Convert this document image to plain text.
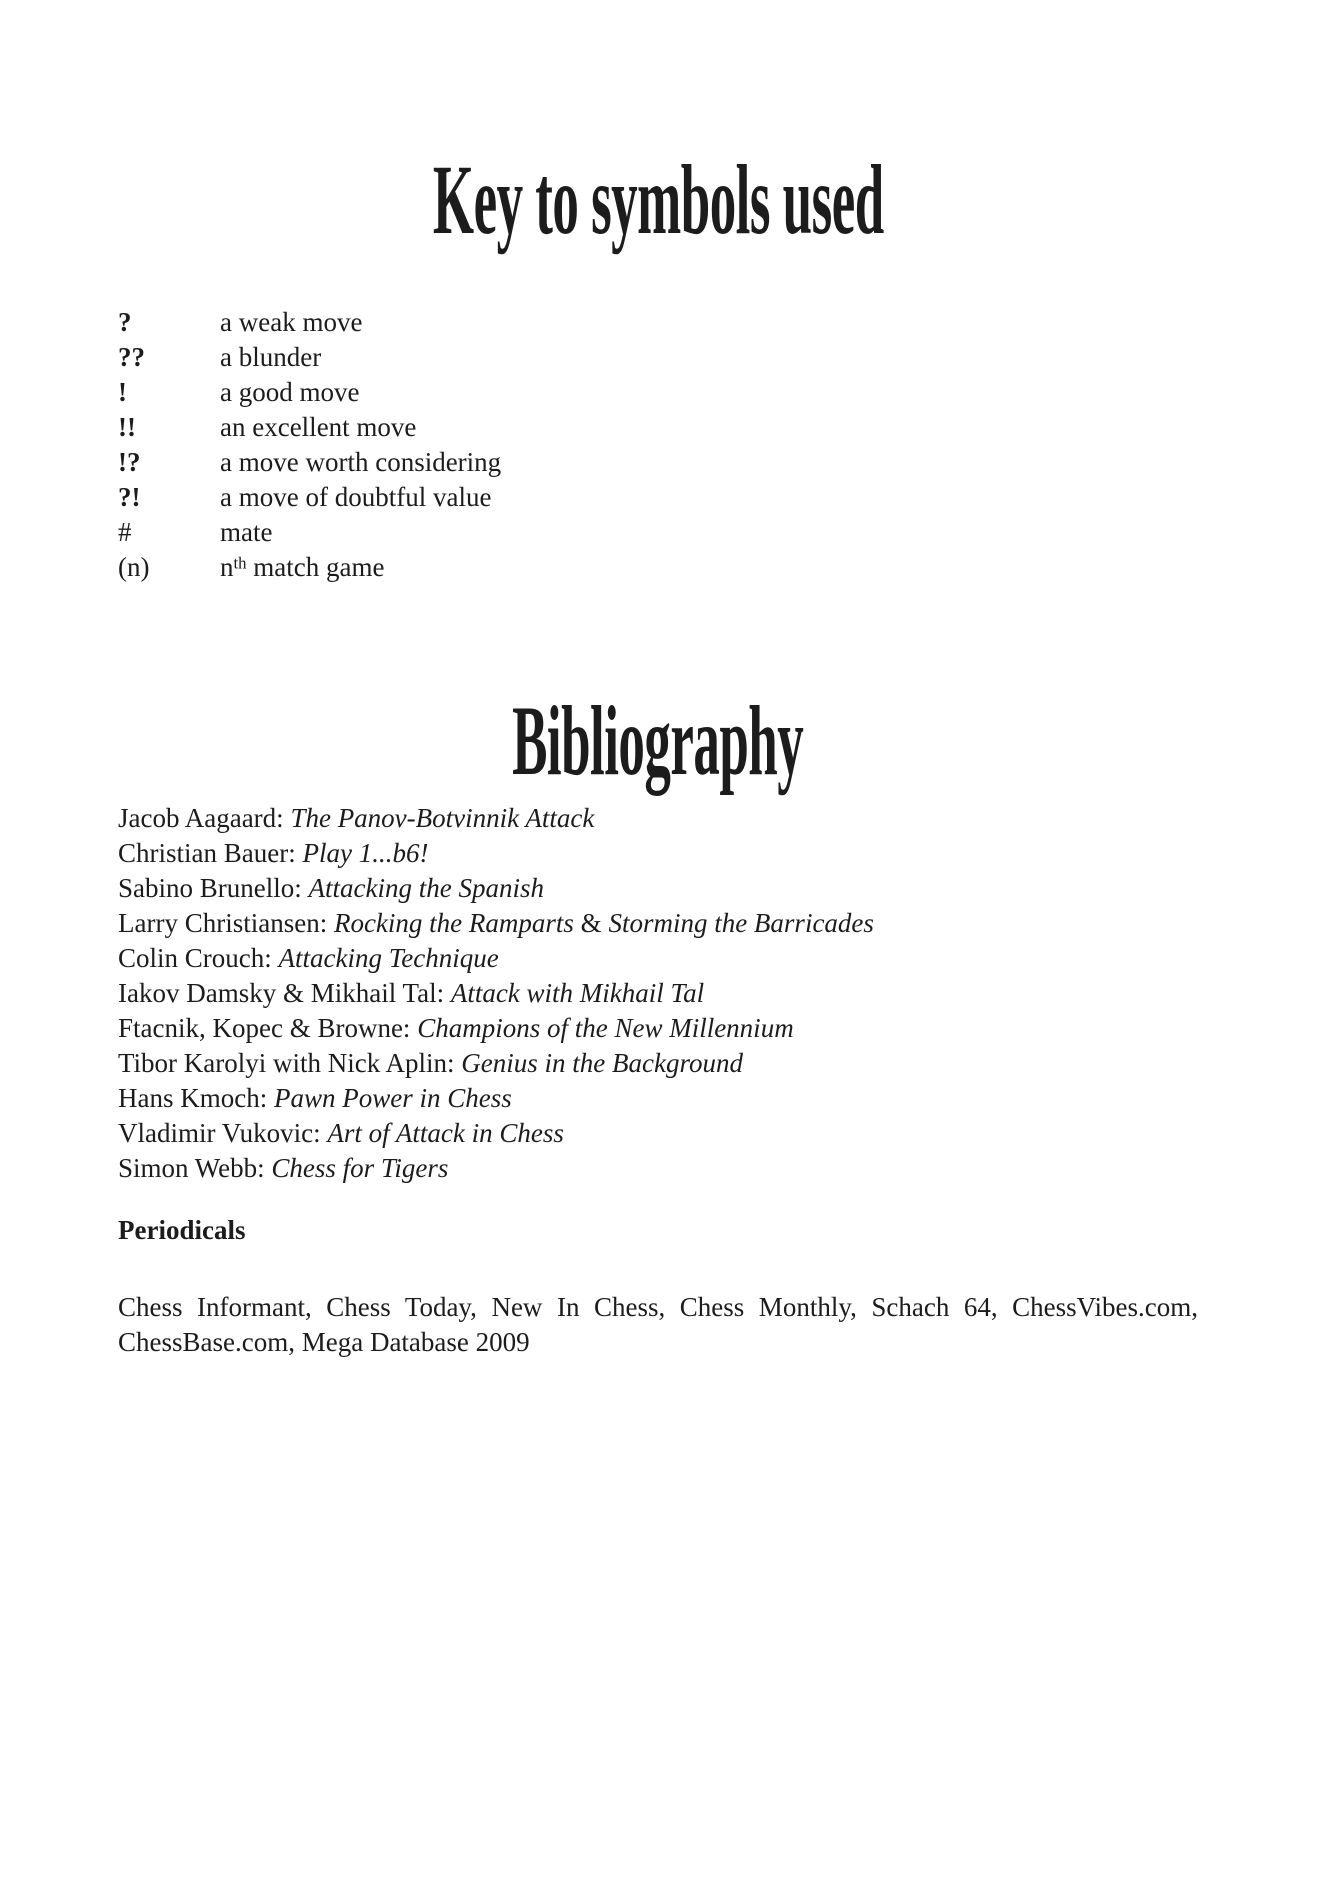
Key to symbols used
?	a weak move
??	a blunder
!	a good move
!!	an excellent move
!?	a move worth considering
?!	a move of doubtful value
#	mate
(n)	$n^{th}$ match game
Bibliography
Jacob Aagaard: The Panov-Botvinnik Attack
Christian Bauer: Play 1...b6!
Sabino Brunello: Attacking the Spanish
Larry Christiansen: Rocking the Ramparts & Storming the Barricades
Colin Crouch: Attacking Technique
Iakov Damsky & Mikhail Tal: Attack with Mikhail Tal
Ftacnik, Kopec & Browne: Champions of the New Millennium
Tibor Karolyi with Nick Aplin: Genius in the Background
Hans Kmoch: Pawn Power in Chess
Vladimir Vukovic: Art of Attack in Chess
Simon Webb: Chess for Tigers
Periodicals
Chess Informant, Chess Today, New In Chess, Chess Monthly, Schach 64, ChessVibes.com,
ChessBase.com, Mega Database 2009
